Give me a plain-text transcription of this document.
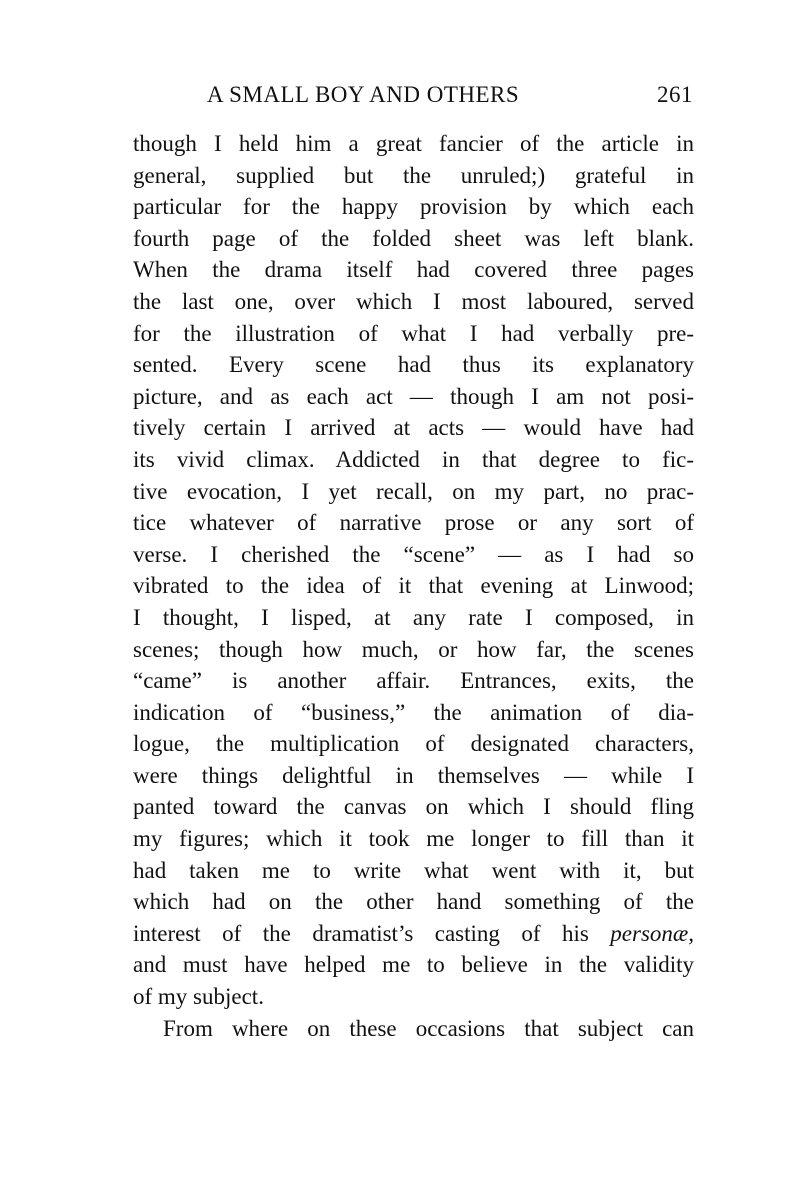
A SMALL BOY AND OTHERS	261
though I held him a great fancier of the article in
general, supplied but the unruled;) grateful in
particular for the happy provision by which each
fourth page of the folded sheet was left blank.
When the drama itself had covered three pages
the last one, over which I most laboured, served
for the illustration of what I had verbally pre-
sented. Every scene had thus its explanatory
picture, and as each act — though I am not posi-
tively certain I arrived at acts — would have had
its vivid climax. Addicted in that degree to fic-
tive evocation, I yet recall, on my part, no prac-
tice whatever of narrative prose or any sort of
verse. I cherished the “scene” — as I had so
vibrated to the idea of it that evening at Linwood;
I thought, I lisped, at any rate I composed, in
scenes; though how much, or how far, the scenes
“came” is another affair. Entrances, exits, the
indication of “business,” the animation of dia-
logue, the multiplication of designated characters,
were things delightful in themselves — while I
panted toward the canvas on which I should fling
my figures; which it took me longer to fill than it
had taken me to write what went with it, but
which had on the other hand something of the
interest of the dramatist’s casting of his personæ,
and must have helped me to believe in the validity
of my subject.
From where on these occasions that subject can
